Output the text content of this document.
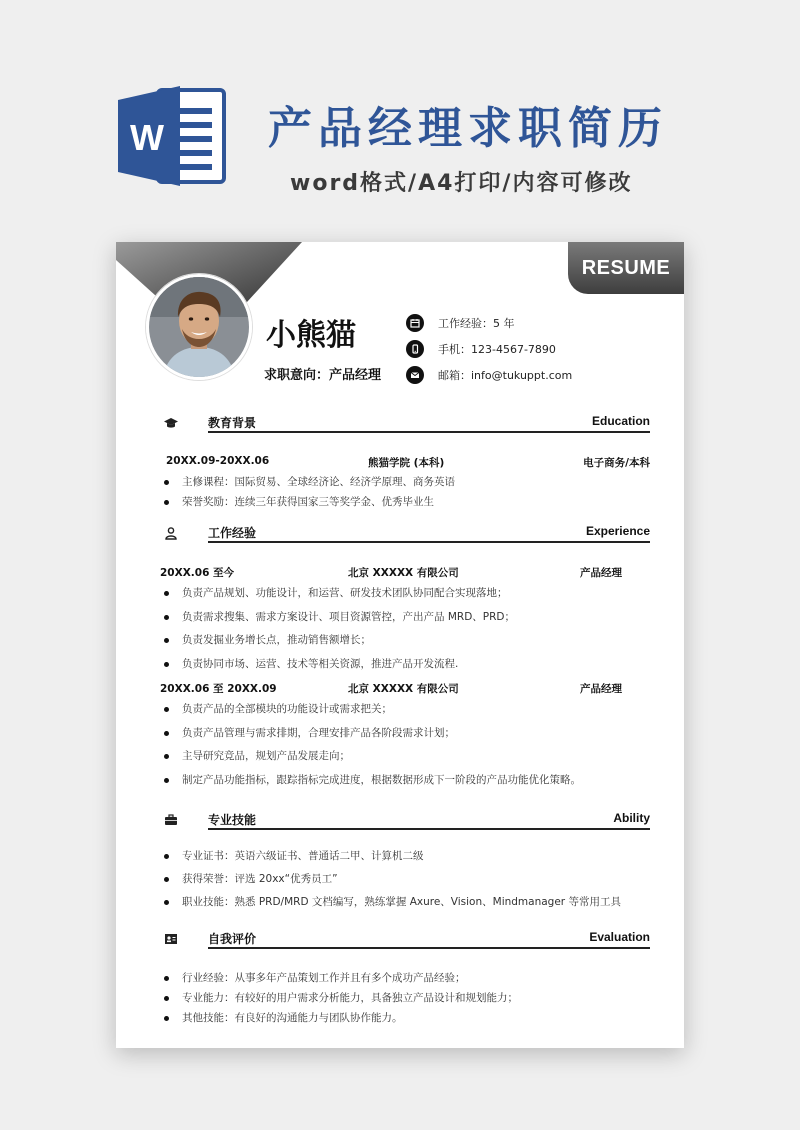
W 产品经理求职简历
word格式/A4打印/内容可修改
RESUME
小熊猫
求职意向：产品经理
工作经验：5 年
手机：123-4567-7890
邮箱：info@tukuppt.com
教育背景	Education
20XX.09-20XX.06	熊猫学院 (本科)	电子商务/本科
主修课程：国际贸易、全球经济论、经济学原理、商务英语
荣誉奖励：连续三年获得国家三等奖学金、优秀毕业生
工作经验	Experience
20XX.06 至今	北京 XXXXX 有限公司	产品经理
负责产品规划、功能设计，和运营、研发技术团队协同配合实现落地；
负责需求搜集、需求方案设计、项目资源管控，产出产品 MRD、PRD；
负责发掘业务增长点，推动销售额增长；
负责协同市场、运营、技术等相关资源，推进产品开发流程.
20XX.06 至 20XX.09	北京 XXXXX 有限公司	产品经理
负责产品的全部模块的功能设计或需求把关；
负责产品管理与需求排期，合理安排产品各阶段需求计划；
主导研究竞品，规划产品发展走向；
制定产品功能指标，跟踪指标完成进度，根据数据形成下一阶段的产品功能优化策略。
专业技能	Ability
专业证书：英语六级证书、普通话二甲、计算机二级
获得荣誉：评选 20xx“优秀员工”
职业技能：熟悉 PRD/MRD 文档编写，熟练掌握 Axure、Vision、Mindmanager 等常用工具
自我评价	Evaluation
行业经验：从事多年产品策划工作并且有多个成功产品经验；
专业能力：有较好的用户需求分析能力，具备独立产品设计和规划能力；
其他技能：有良好的沟通能力与团队协作能力。
